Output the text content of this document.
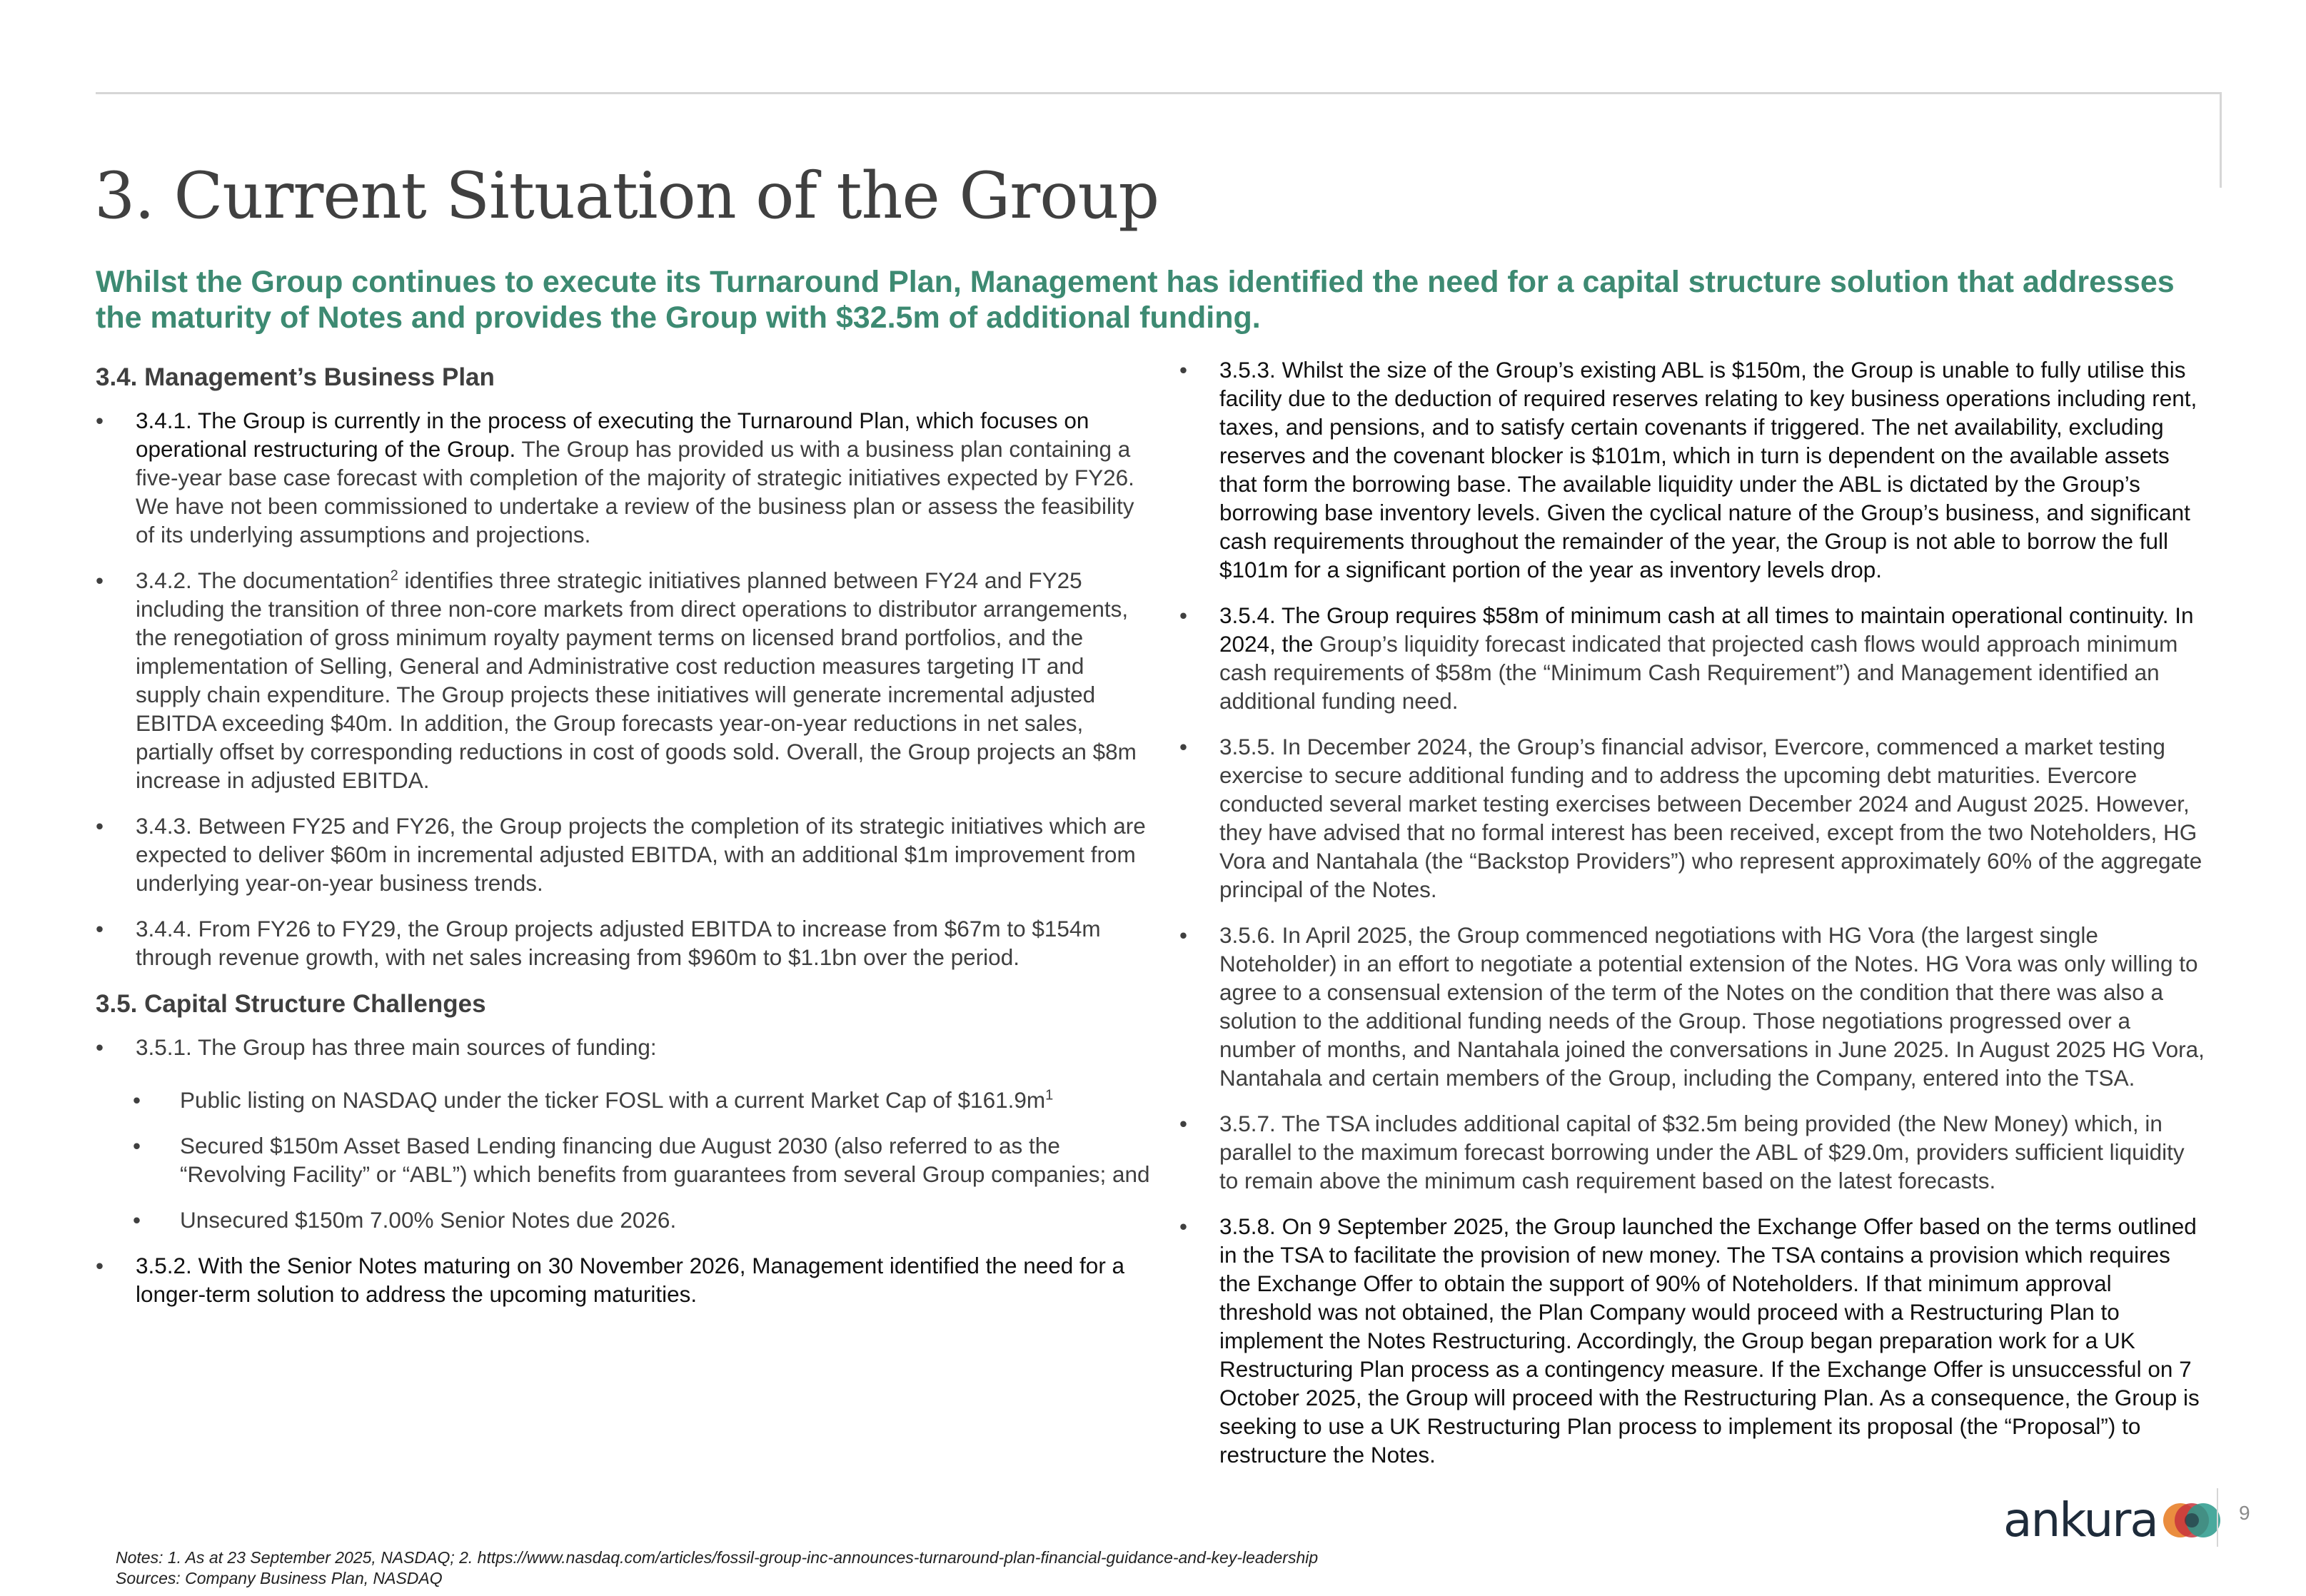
3. Current Situation of the Group
Whilst the Group continues to execute its Turnaround Plan, Management has identified the need for a capital structure solution that addresses the maturity of Notes and provides the Group with $32.5m of additional funding.
3.4. Management’s Business Plan
• 3.4.1. The Group is currently in the process of executing the Turnaround Plan, which focuses on operational restructuring of the Group. The Group has provided us with a business plan containing a five-year base case forecast with completion of the majority of strategic initiatives expected by FY26. We have not been commissioned to undertake a review of the business plan or assess the feasibility of its underlying assumptions and projections.
• 3.4.2. The documentation$^2$ identifies three strategic initiatives planned between FY24 and FY25 including the transition of three non-core markets from direct operations to distributor arrangements, the renegotiation of gross minimum royalty payment terms on licensed brand portfolios, and the implementation of Selling, General and Administrative cost reduction measures targeting IT and supply chain expenditure. The Group projects these initiatives will generate incremental adjusted EBITDA exceeding $40m. In addition, the Group forecasts year-on-year reductions in net sales, partially offset by corresponding reductions in cost of goods sold. Overall, the Group projects an $8m increase in adjusted EBITDA.
• 3.4.3. Between FY25 and FY26, the Group projects the completion of its strategic initiatives which are expected to deliver $60m in incremental adjusted EBITDA, with an additional $1m improvement from underlying year-on-year business trends.
• 3.4.4. From FY26 to FY29, the Group projects adjusted EBITDA to increase from $67m to $154m through revenue growth, with net sales increasing from $960m to $1.1bn over the period.
3.5. Capital Structure Challenges
• 3.5.1. The Group has three main sources of funding:
• Public listing on NASDAQ under the ticker FOSL with a current Market Cap of $\$161.9m^1$
• Secured $150m Asset Based Lending financing due August 2030 (also referred to as the “Revolving Facility” or “ABL”) which benefits from guarantees from several Group companies; and
• Unsecured $150m 7.00% Senior Notes due 2026.
• 3.5.2. With the Senior Notes maturing on 30 November 2026, Management identified the need for a longer-term solution to address the upcoming maturities.
• 3.5.3. Whilst the size of the Group’s existing ABL is $150m, the Group is unable to fully utilise this facility due to the deduction of required reserves relating to key business operations including rent, taxes, and pensions, and to satisfy certain covenants if triggered. The net availability, excluding reserves and the covenant blocker is $101m, which in turn is dependent on the available assets that form the borrowing base. The available liquidity under the ABL is dictated by the Group’s borrowing base inventory levels. Given the cyclical nature of the Group’s business, and significant cash requirements throughout the remainder of the year, the Group is not able to borrow the full $101m for a significant portion of the year as inventory levels drop.
• 3.5.4. The Group requires $58m of minimum cash at all times to maintain operational continuity. In 2024, the Group’s liquidity forecast indicated that projected cash flows would approach minimum cash requirements of $58m (the “Minimum Cash Requirement”) and Management identified an additional funding need.
• 3.5.5. In December 2024, the Group’s financial advisor, Evercore, commenced a market testing exercise to secure additional funding and to address the upcoming debt maturities. Evercore conducted several market testing exercises between December 2024 and August 2025. However, they have advised that no formal interest has been received, except from the two Noteholders, HG Vora and Nantahala (the “Backstop Providers”) who represent approximately 60% of the aggregate principal of the Notes.
• 3.5.6. In April 2025, the Group commenced negotiations with HG Vora (the largest single Noteholder) in an effort to negotiate a potential extension of the Notes. HG Vora was only willing to agree to a consensual extension of the term of the Notes on the condition that there was also a solution to the additional funding needs of the Group. Those negotiations progressed over a number of months, and Nantahala joined the conversations in June 2025. In August 2025 HG Vora, Nantahala and certain members of the Group, including the Company, entered into the TSA.
• 3.5.7. The TSA includes additional capital of $32.5m being provided (the New Money) which, in parallel to the maximum forecast borrowing under the ABL of $29.0m, providers sufficient liquidity to remain above the minimum cash requirement based on the latest forecasts.
• 3.5.8. On 9 September 2025, the Group launched the Exchange Offer based on the terms outlined in the TSA to facilitate the provision of new money. The TSA contains a provision which requires the Exchange Offer to obtain the support of 90% of Noteholders. If that minimum approval threshold was not obtained, the Plan Company would proceed with a Restructuring Plan to implement the Notes Restructuring. Accordingly, the Group began preparation work for a UK Restructuring Plan process as a contingency measure. If the Exchange Offer is unsuccessful on 7 October 2025, the Group will proceed with the Restructuring Plan. As a consequence, the Group is seeking to use a UK Restructuring Plan process to implement its proposal (the “Proposal”) to restructure the Notes.
ankura	9
Notes: 1. As at 23 September 2025, NASDAQ; 2. https://www.nasdaq.com/articles/fossil-group-inc-announces-turnaround-plan-financial-guidance-and-key-leadership
Sources: Company Business Plan, NASDAQ
